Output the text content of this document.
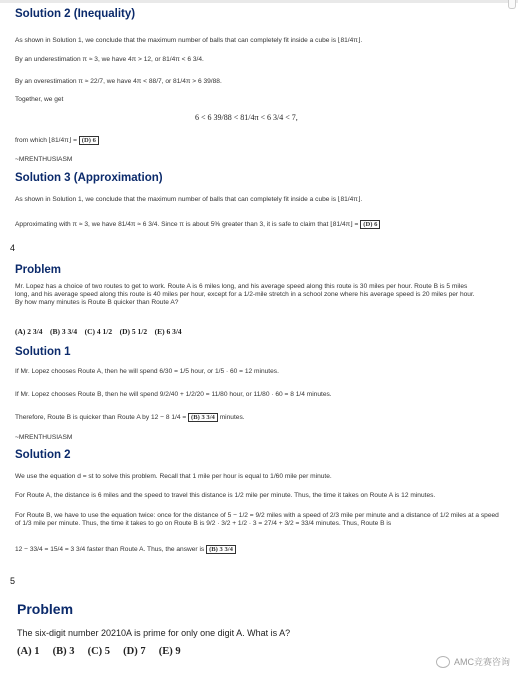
Solution 2 (Inequality)
As shown in Solution 1, we conclude that the maximum number of balls that can completely fit inside a cube is ⌊81/4π⌋.
By an underestimation π ≈ 3, we have 4π > 12, or 81/4π < 6 3/4.
By an overestimation π ≈ 22/7, we have 4π < 88/7, or 81/4π > 6 39/88.
Together, we get
6 < 6 39/88 < 81/4π < 6 3/4 < 7,
from which ⌊81/4π⌋ = (D) 6
~MRENTHUSIASM
Solution 3 (Approximation)
As shown in Solution 1, we conclude that the maximum number of balls that can completely fit inside a cube is ⌊81/4π⌋.
Approximating with π ≈ 3, we have 81/4π ≈ 6 3/4. Since π is about 5% greater than 3, it is safe to claim that ⌊81/4π⌋ = (D) 6
4
Problem
Mr. Lopez has a choice of two routes to get to work. Route A is 6 miles long, and his average speed along this route is 30 miles per hour. Route B is 5 miles long, and his average speed along this route is 40 miles per hour, except for a 1/2-mile stretch in a school zone where his average speed is 20 miles per hour. By how many minutes is Route B quicker than Route A?
(A) 2 3/4 (B) 3 3/4 (C) 4 1/2 (D) 5 1/2 (E) 6 3/4
Solution 1
If Mr. Lopez chooses Route A, then he will spend 6/30 = 1/5 hour, or 1/5 · 60 = 12 minutes.
If Mr. Lopez chooses Route B, then he will spend 9/2/40 + 1/2/20 = 11/80 hour, or 11/80 · 60 = 8 1/4 minutes.
Therefore, Route B is quicker than Route A by 12 − 8 1/4 = (B) 3 3/4 minutes.
~MRENTHUSIASM
Solution 2
We use the equation d = st to solve this problem. Recall that 1 mile per hour is equal to 1/60 mile per minute.
For Route A, the distance is 6 miles and the speed to travel this distance is 1/2 mile per minute. Thus, the time it takes on Route A is 12 minutes.
For Route B, we have to use the equation twice: once for the distance of 5 − 1/2 = 9/2 miles with a speed of 2/3 mile per minute and a distance of 1/2 miles at a speed of 1/3 mile per minute. Thus, the time it takes to go on Route B is 9/2 · 3/2 + 1/2 · 3 = 27/4 + 3/2 = 33/4 minutes. Thus, Route B is
12 − 33/4 = 15/4 = 3 3/4 faster than Route A. Thus, the answer is (B) 3 3/4
5
Problem
The six-digit number 20210A is prime for only one digit A. What is A?
(A) 1 (B) 3 (C) 5 (D) 7 (E) 9
AMC竞赛咨询
